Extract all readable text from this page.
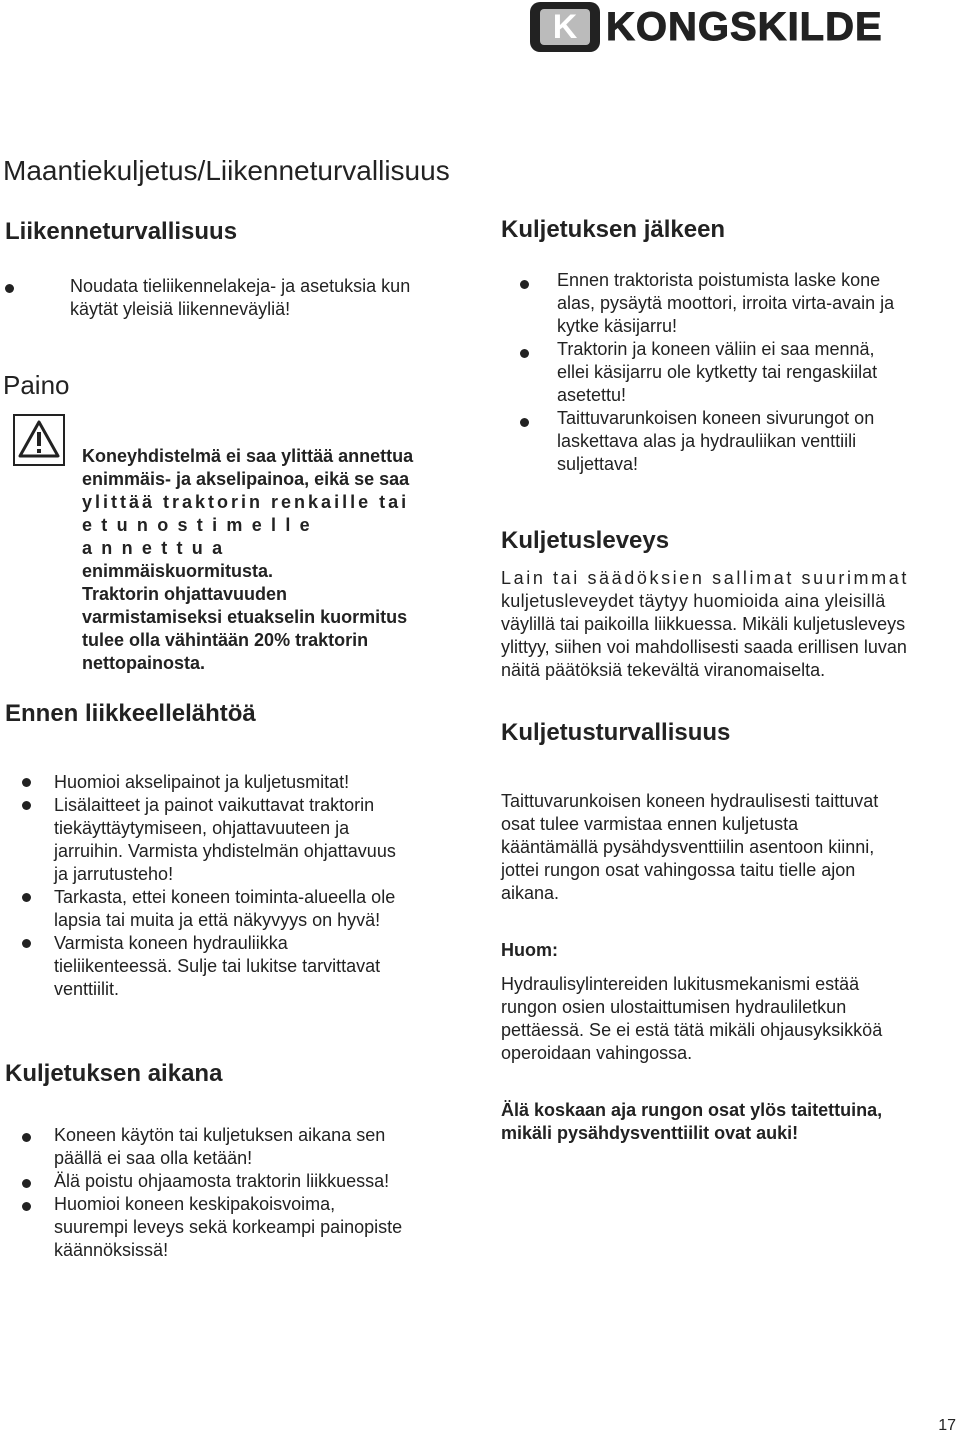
K KONGSKILDE
Maantiekuljetus/Liikenneturvallisuus
Liikenneturvallisuus
Noudata tieliikennelakeja- ja asetuksia kun
käytät yleisiä liikenneväyliä!
Paino
Koneyhdistelmä ei saa ylittää annettua
enimmäis- ja akselipainoa, eikä se saa
ylittää traktorin renkaille tai
etunostimelle annettua
enimmäiskuormitusta.
Traktorin ohjattavuuden
varmistamiseksi etuakselin kuormitus
tulee olla vähintään 20% traktorin
nettopainosta.
Ennen liikkeellelähtöä
Huomioi akselipainot ja kuljetusmitat!
Lisälaitteet ja painot vaikuttavat traktorin
tiekäyttäytymiseen, ohjattavuuteen ja
jarruihin. Varmista yhdistelmän ohjattavuus
ja jarrutusteho!
Tarkasta, ettei koneen toiminta-alueella ole
lapsia tai muita ja että näkyvyys on hyvä!
Varmista koneen hydrauliikka
tieliikenteessä. Sulje tai lukitse tarvittavat
venttiilit.
Kuljetuksen aikana
Koneen käytön tai kuljetuksen aikana sen
päällä ei saa olla ketään!
Älä poistu ohjaamosta traktorin liikkuessa!
Huomioi koneen keskipakoisvoima,
suurempi leveys sekä korkeampi painopiste
käännöksissä!
Kuljetuksen jälkeen
Ennen traktorista poistumista laske kone
alas, pysäytä moottori, irroita virta-avain ja
kytke käsijarru!
Traktorin ja koneen väliin ei saa mennä,
ellei käsijarru ole kytketty tai rengaskiilat
asetettu!
Taittuvarunkoisen koneen sivurungot on
laskettava alas ja hydrauliikan venttiili
suljettava!
Kuljetusleveys
Lain tai säädöksien sallimat suurimmat
kuljetusleveydet täytyy huomioida aina yleisillä
väylillä tai paikoilla liikkuessa. Mikäli kuljetusleveys
ylittyy, siihen voi mahdollisesti saada erillisen luvan
näitä päätöksiä tekevältä viranomaiselta.
Kuljetusturvallisuus
Taittuvarunkoisen koneen hydraulisesti taittuvat
osat tulee varmistaa ennen kuljetusta
kääntämällä pysähdysventtiilin asentoon kiinni,
jottei rungon osat vahingossa taitu tielle ajon
aikana.
Huom:
Hydraulisylintereiden lukitusmekanismi estää
rungon osien ulostaittumisen hydrauliletkun
pettäessä. Se ei estä tätä mikäli ohjausyksikköä
operoidaan vahingossa.
Älä koskaan aja rungon osat ylös taitettuina,
mikäli pysähdysventtiilit ovat auki!
17
